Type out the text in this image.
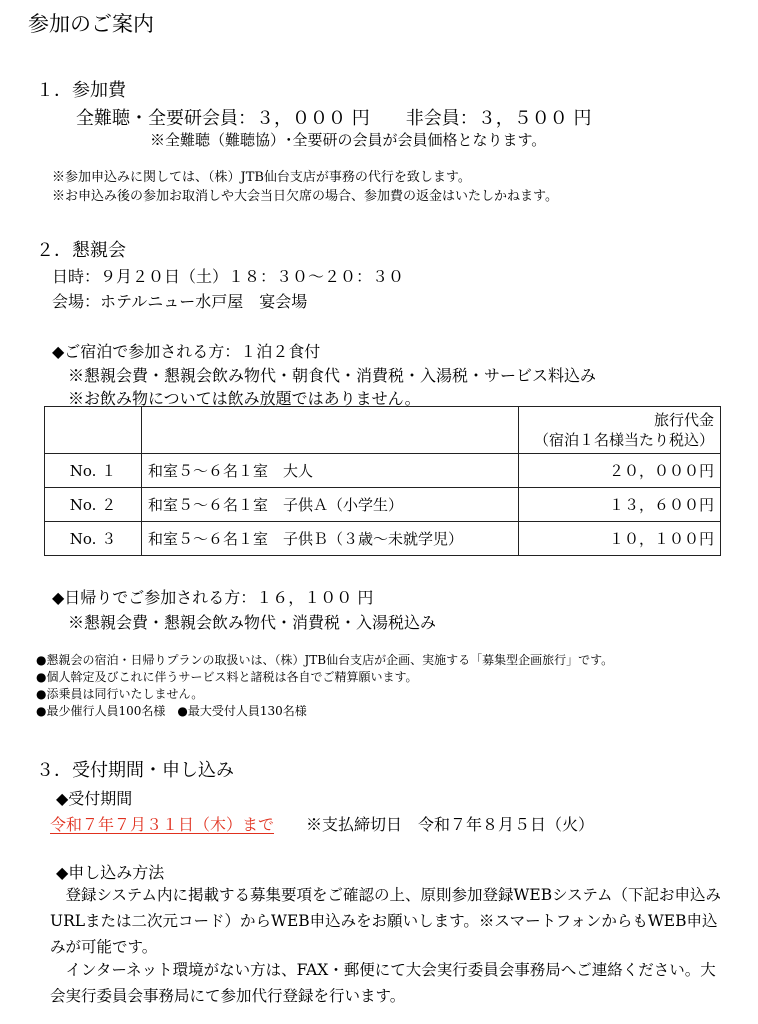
参加のご案内
１．参加費
全難聴・全要研会員：３，０００ 円　　非会員：３，５００ 円
※全難聴（難聴協）･全要研の会員が会員価格となります。
※参加申込みに関しては、（株）JTB仙台支店が事務の代行を致します。
※お申込み後の参加お取消しや大会当日欠席の場合、参加費の返金はいたしかねます。
２．懇親会
日時：９月２０日（土）１８：３０～２０：３０
会場：ホテルニュー水戸屋　宴会場
◆ご宿泊で参加される方：１泊２食付
※懇親会費・懇親会飲み物代・朝食代・消費税・入湯税・サービス料込み
※お飲み物については飲み放題ではありません。

		旅行代金
（宿泊１名様当たり税込）

No. １	和室５～６名１室　大人	２０，０００円
No. ２	和室５～６名１室　子供Ａ（小学生）	１３，６００円
No. ３	和室５～６名１室　子供Ｂ（３歳～未就学児）	１０，１００円
◆日帰りでご参加される方：１６，１００ 円
※懇親会費・懇親会飲み物代・消費税・入湯税込み
●懇親会の宿泊・日帰りプランの取扱いは、（株）JTB仙台支店が企画、実施する「募集型企画旅行」です。
●個人斡定及びこれに伴うサービス料と諸税は各自でご精算願います。
●添乗員は同行いたしません。
●最少催行人員100名様　●最大受付人員130名様
３．受付期間・申し込み
◆受付期間
令和７年７月３１日（木）まで ※支払締切日　令和７年８月５日（火）
◆申し込み方法
登録システム内に掲載する募集要項をご確認の上、原則参加登録WEBシステム（下記お申込みURLまたは二次元コード）からWEB申込みをお願いします。※スマートフォンからもWEB申込みが可能です。
インターネット環境がない方は、FAX・郵便にて大会実行委員会事務局へご連絡ください。大会実行委員会事務局にて参加代行登録を行います。
